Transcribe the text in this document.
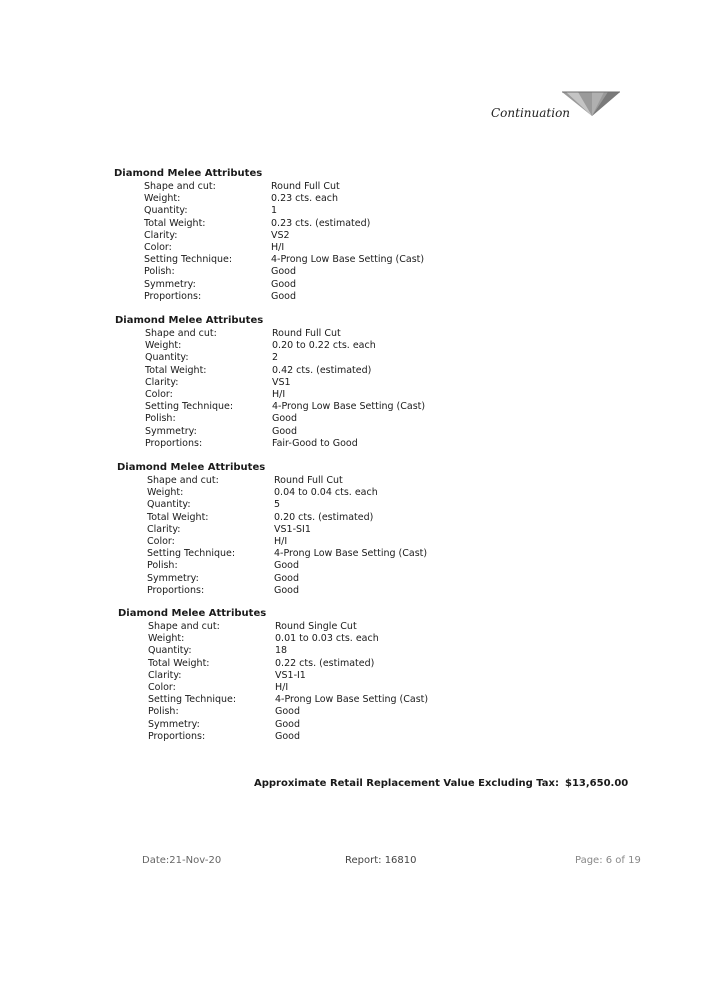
Continuation
Diamond Melee Attributes
Shape and cut:	Round Full Cut
Weight:	0.23 cts. each
Quantity:	1
Total Weight:	0.23 cts. (estimated)
Clarity:	VS2
Color:	H/I
Setting Technique:	4-Prong Low Base Setting (Cast)
Polish:	Good
Symmetry:	Good
Proportions:	Good
Diamond Melee Attributes
Shape and cut:	Round Full Cut
Weight:	0.20 to 0.22 cts. each
Quantity:	2
Total Weight:	0.42 cts. (estimated)
Clarity:	VS1
Color:	H/I
Setting Technique:	4-Prong Low Base Setting (Cast)
Polish:	Good
Symmetry:	Good
Proportions:	Fair-Good to Good
Diamond Melee Attributes
Shape and cut:	Round Full Cut
Weight:	0.04 to 0.04 cts. each
Quantity:	5
Total Weight:	0.20 cts. (estimated)
Clarity:	VS1-SI1
Color:	H/I
Setting Technique:	4-Prong Low Base Setting (Cast)
Polish:	Good
Symmetry:	Good
Proportions:	Good
Diamond Melee Attributes
Shape and cut:	Round Single Cut
Weight:	0.01 to 0.03 cts. each
Quantity:	18
Total Weight:	0.22 cts. (estimated)
Clarity:	VS1-I1
Color:	H/I
Setting Technique:	4-Prong Low Base Setting (Cast)
Polish:	Good
Symmetry:	Good
Proportions:	Good
Approximate Retail Replacement Value Excluding Tax: $13,650.00
Date:21-Nov-20	Report: 16810	Page: 6 of 19
